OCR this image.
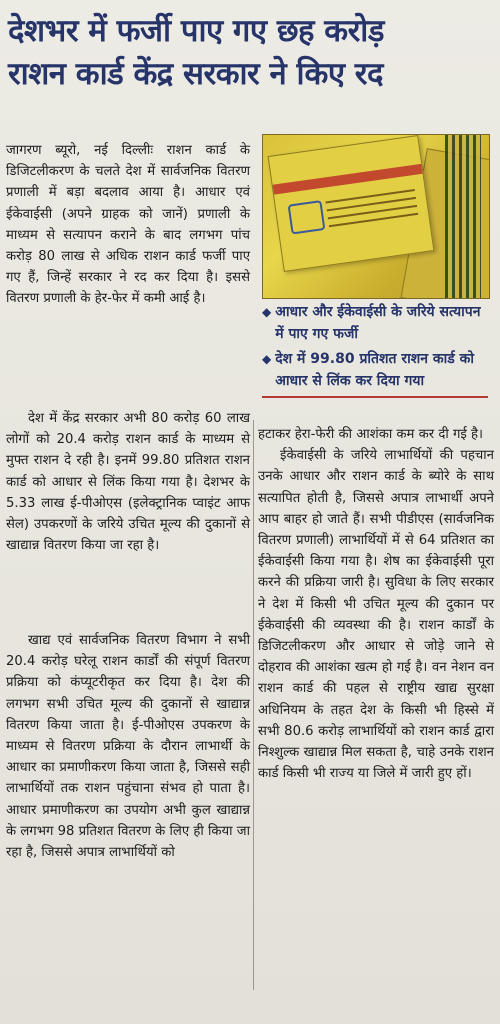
देशभर में फर्जी पाए गए छह करोड़
राशन कार्ड केंद्र सरकार ने किए रद

जागरण ब्यूरो, नई दिल्लीः राशन कार्ड के डिजिटलीकरण के चलते देश में सार्वजनिक वितरण प्रणाली में बड़ा बदलाव आया है। आधार एवं ईकेवाईसी (अपने ग्राहक को जानें) प्रणाली के माध्यम से सत्यापन कराने के बाद लगभग पांच करोड़ 80 लाख से अधिक राशन कार्ड फर्जी पाए गए हैं, जिन्हें सरकार ने रद कर दिया है। इससे वितरण प्रणाली के हेर-फेर में कमी आई है।

◆ आधार और ईकेवाईसी के जरिये सत्यापन में पाए गए फर्जी
◆ देश में 99.80 प्रतिशत राशन कार्ड को आधार से लिंक कर दिया गया

देश में केंद्र सरकार अभी 80 करोड़ 60 लाख लोगों को 20.4 करोड़ राशन कार्ड के माध्यम से मुफ्त राशन दे रही है। इनमें 99.80 प्रतिशत राशन कार्ड को आधार से लिंक किया गया है। देशभर के 5.33 लाख ई-पीओएस (इलेक्ट्रानिक प्वाइंट आफ सेल) उपकरणों के जरिये उचित मूल्य की दुकानों से खाद्यान्न वितरण किया जा रहा है।

खाद्य एवं सार्वजनिक वितरण विभाग ने सभी 20.4 करोड़ घरेलू राशन कार्डों की संपूर्ण वितरण प्रक्रिया को कंप्यूटरीकृत कर दिया है। देश की लगभग सभी उचित मूल्य की दुकानों से खाद्यान्न वितरण किया जाता है। ई-पीओएस उपकरण के माध्यम से वितरण प्रक्रिया के दौरान लाभार्थी के आधार का प्रमाणीकरण किया जाता है, जिससे सही लाभार्थियों तक राशन पहुंचाना संभव हो पाता है। आधार प्रमाणीकरण का उपयोग अभी कुल खाद्यान्न के लगभग 98 प्रतिशत वितरण के लिए ही किया जा रहा है, जिससे अपात्र लाभार्थियों को

हटाकर हेरा-फेरी की आशंका कम कर दी गई है।

ईकेवाईसी के जरिये लाभार्थियों की पहचान उनके आधार और राशन कार्ड के ब्योरे के साथ सत्यापित होती है, जिससे अपात्र लाभार्थी अपने आप बाहर हो जाते हैं। सभी पीडीएस (सार्वजनिक वितरण प्रणाली) लाभार्थियों में से 64 प्रतिशत का ईकेवाईसी किया गया है। शेष का ईकेवाईसी पूरा करने की प्रक्रिया जारी है। सुविधा के लिए सरकार ने देश में किसी भी उचित मूल्य की दुकान पर ईकेवाईसी की व्यवस्था की है। राशन कार्डों के डिजिटलीकरण और आधार से जोड़े जाने से दोहराव की आशंका खत्म हो गई है। वन नेशन वन राशन कार्ड की पहल से राष्ट्रीय खाद्य सुरक्षा अधिनियम के तहत देश के किसी भी हिस्से में सभी 80.6 करोड़ लाभार्थियों को राशन कार्ड द्वारा निश्शुल्क खाद्यान्न मिल सकता है, चाहे उनके राशन कार्ड किसी भी राज्य या जिले में जारी हुए हों।
